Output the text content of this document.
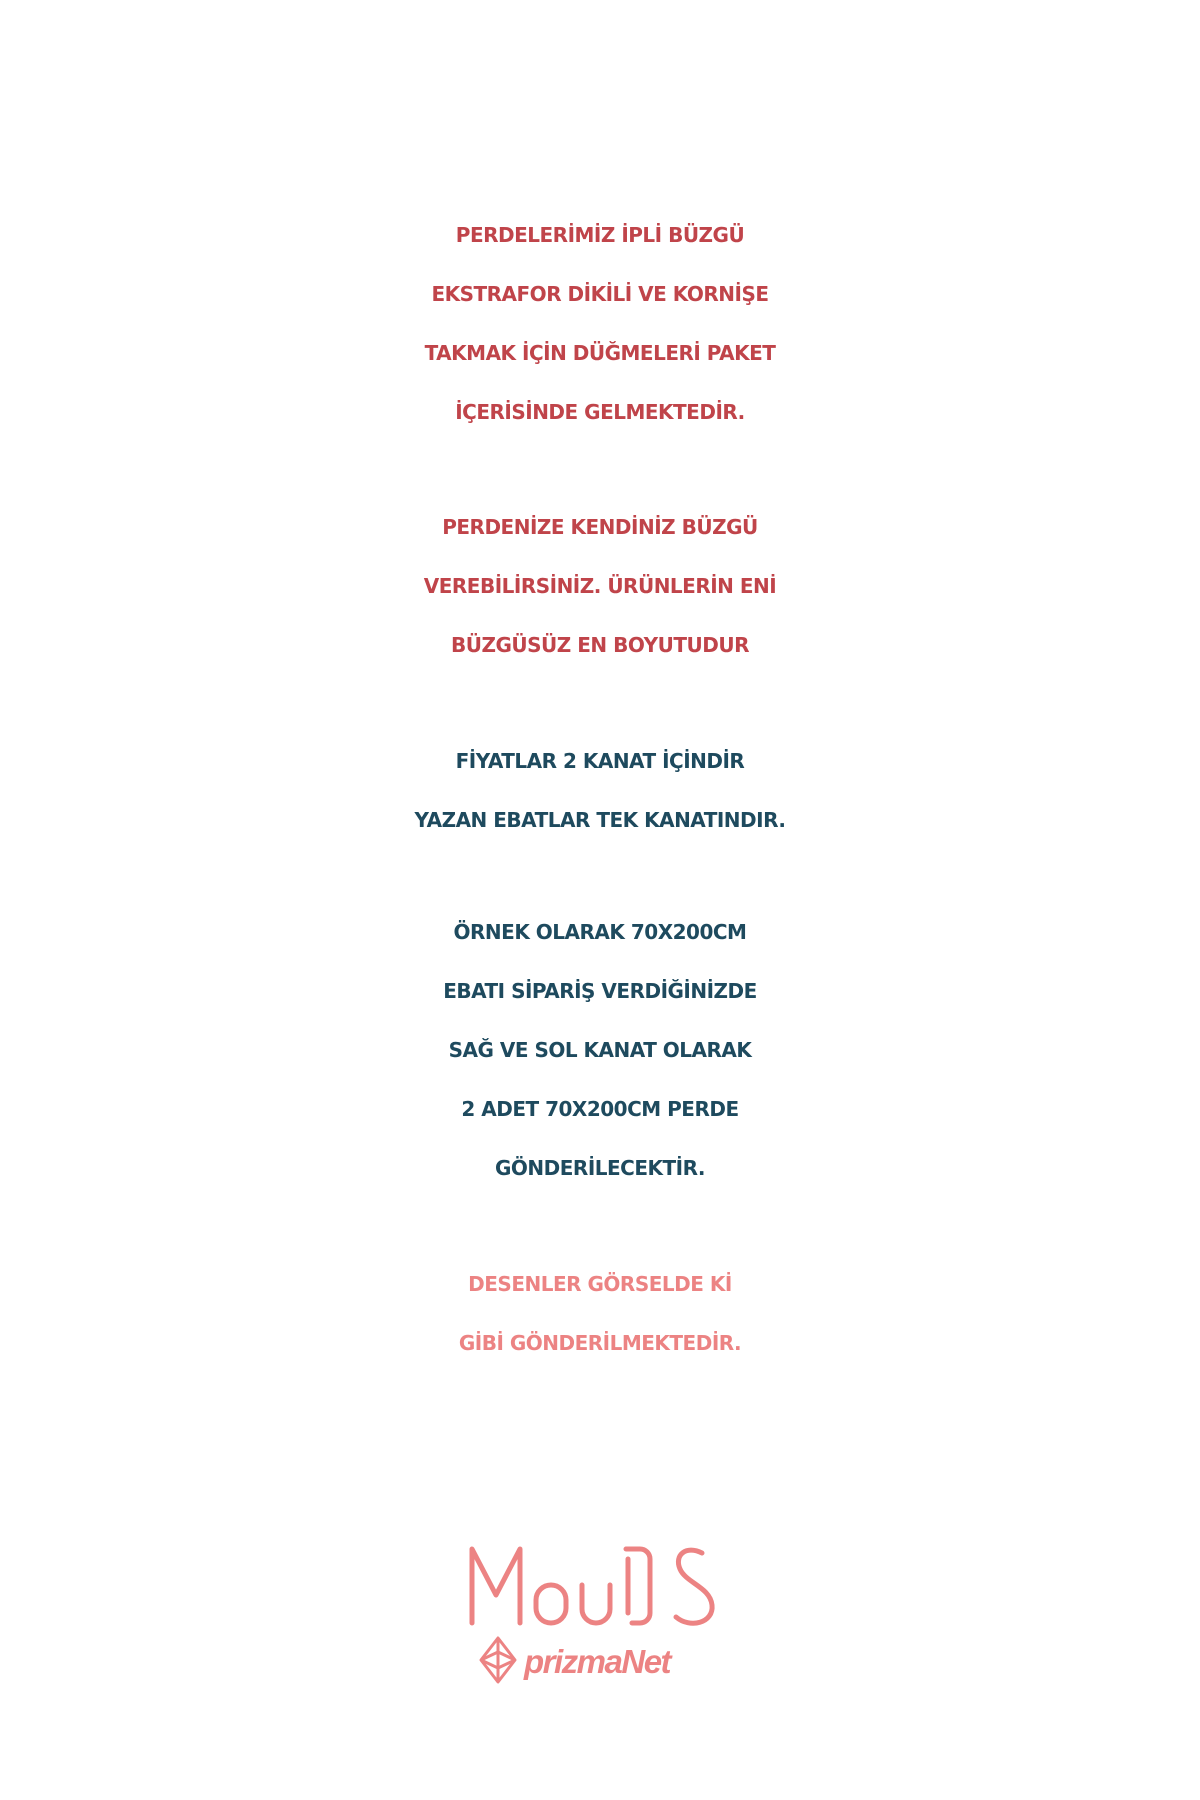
PERDELERİMİZ İPLİ BÜZGÜ
EKSTRAFOR DİKİLİ VE KORNİŞE
TAKMAK İÇİN DÜĞMELERİ PAKET
İÇERİSİNDE GELMEKTEDİR.
PERDENİZE KENDİNİZ BÜZGÜ
VEREBİLİRSİNİZ. ÜRÜNLERİN ENİ
BÜZGÜSÜZ EN BOYUTUDUR
FİYATLAR 2 KANAT İÇİNDİR
YAZAN EBATLAR TEK KANATINDIR.
ÖRNEK OLARAK 70X200CM
EBATI SİPARİŞ VERDİĞİNİZDE
SAĞ VE SOL KANAT OLARAK
2 ADET 70X200CM PERDE
GÖNDERİLECEKTİR.
DESENLER GÖRSELDE Kİ
GİBİ GÖNDERİLMEKTEDİR.
prizmaNet
